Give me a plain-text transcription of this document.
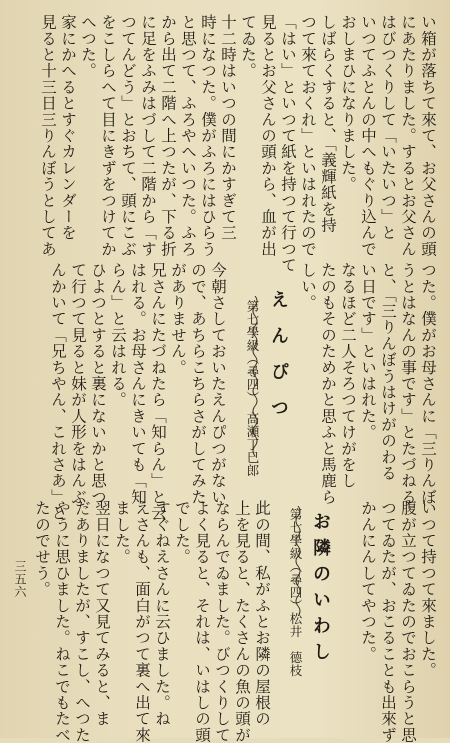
い箱が落ちて來て、お父さんの頭
にあたりました。するとお父さん
はびつくりして「いたいつ」と
いつてふとんの中へもぐり込んで
おしまひになりました。
しばらくすると、「義輝紙を持
つて來ておくれ」といはれたので
「はい」といつて紙を持つて行つて
見るとお父さんの頭から、血が出
てゐた。
十二時はいつの間にかすぎて三
時になつた。僕がふろにはひらう
と思つて、ふろやへいつた。ふろ
から出て二階へ上つたが、下る折
に足をふみはづして二階から「す
つてんどう」とおちて、頭にこぶ
をこしらへて目にきずをつけてか
へつた。
家にかへるとすぐカレンダーを
見ると十三日三りんぼうとしてあ
つた。僕がお母さんに「三りんぼ
うとはなんの事です」とたづねる
と、「三りんぼうはけがのわる
い日です」といはれた。
なるほど二人そろつてけがをし
たのもそのためかと思ふと馬鹿ら
しい。
えんぴつ
第七學級（尋四）
高瀬丁巳郎
今朝さしておいたえんぴつがない
ので、あちらこちらさがしてみた
がありません。
兄さんにたづねたら「知らん」と云
はれる。お母さんにきいても「知
らん」と云はれる。
ひよつとすると裏にないかと思つ
て行つて見ると妹が人形をはんぶ
んかいて「兄ちやん、これさあ」と
いつて持つて來ました。
腹が立つてゐたのでおこらうと思
つてゐたが、おこることも出來ず
かんにんしてやつた。
お隣のいわし
第七學級（尋四）
松井　德枝
此の間、私がふとお隣の屋根の
上を見ると、たくさんの魚の頭が
ならんでゐました。びつくりして
よく見ると、それは、いはしの頭
でした。
すぐねえさんに云ひました。ね
えさんも、面白がつて裏へ出て來
ました。
翌日になつて又見てみると、ま
だありましたが、すこし、へつた
やうに思ひました。ねこでもたべ
たのでせう。
三五六
